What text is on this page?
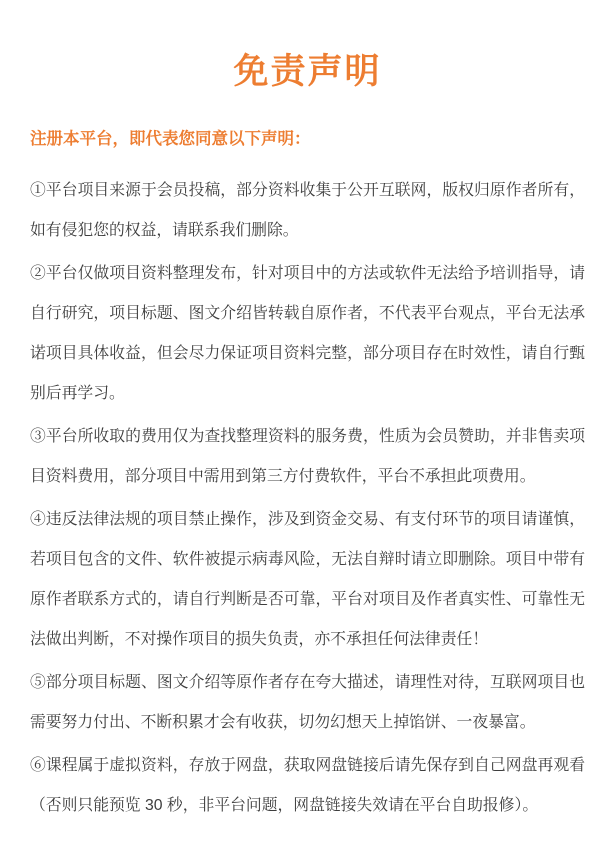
免责声明
注册本平台，即代表您同意以下声明：

①平台项目来源于会员投稿，部分资料收集于公开互联网，版权归原作者所有，如有侵犯您的权益，请联系我们删除。

②平台仅做项目资料整理发布，针对项目中的方法或软件无法给予培训指导，请自行研究，项目标题、图文介绍皆转载自原作者，不代表平台观点，平台无法承诺项目具体收益，但会尽力保证项目资料完整，部分项目存在时效性，请自行甄别后再学习。

③平台所收取的费用仅为查找整理资料的服务费，性质为会员赞助，并非售卖项目资料费用，部分项目中需用到第三方付费软件，平台不承担此项费用。

④违反法律法规的项目禁止操作，涉及到资金交易、有支付环节的项目请谨慎，若项目包含的文件、软件被提示病毒风险，无法自辩时请立即删除。项目中带有原作者联系方式的，请自行判断是否可靠，平台对项目及作者真实性、可靠性无法做出判断，不对操作项目的损失负责，亦不承担任何法律责任！

⑤部分项目标题、图文介绍等原作者存在夸大描述，请理性对待，互联网项目也需要努力付出、不断积累才会有收获，切勿幻想天上掉馅饼、一夜暴富。

⑥课程属于虚拟资料，存放于网盘，获取网盘链接后请先保存到自己网盘再观看（否则只能预览 30 秒，非平台问题，网盘链接失效请在平台自助报修）。
